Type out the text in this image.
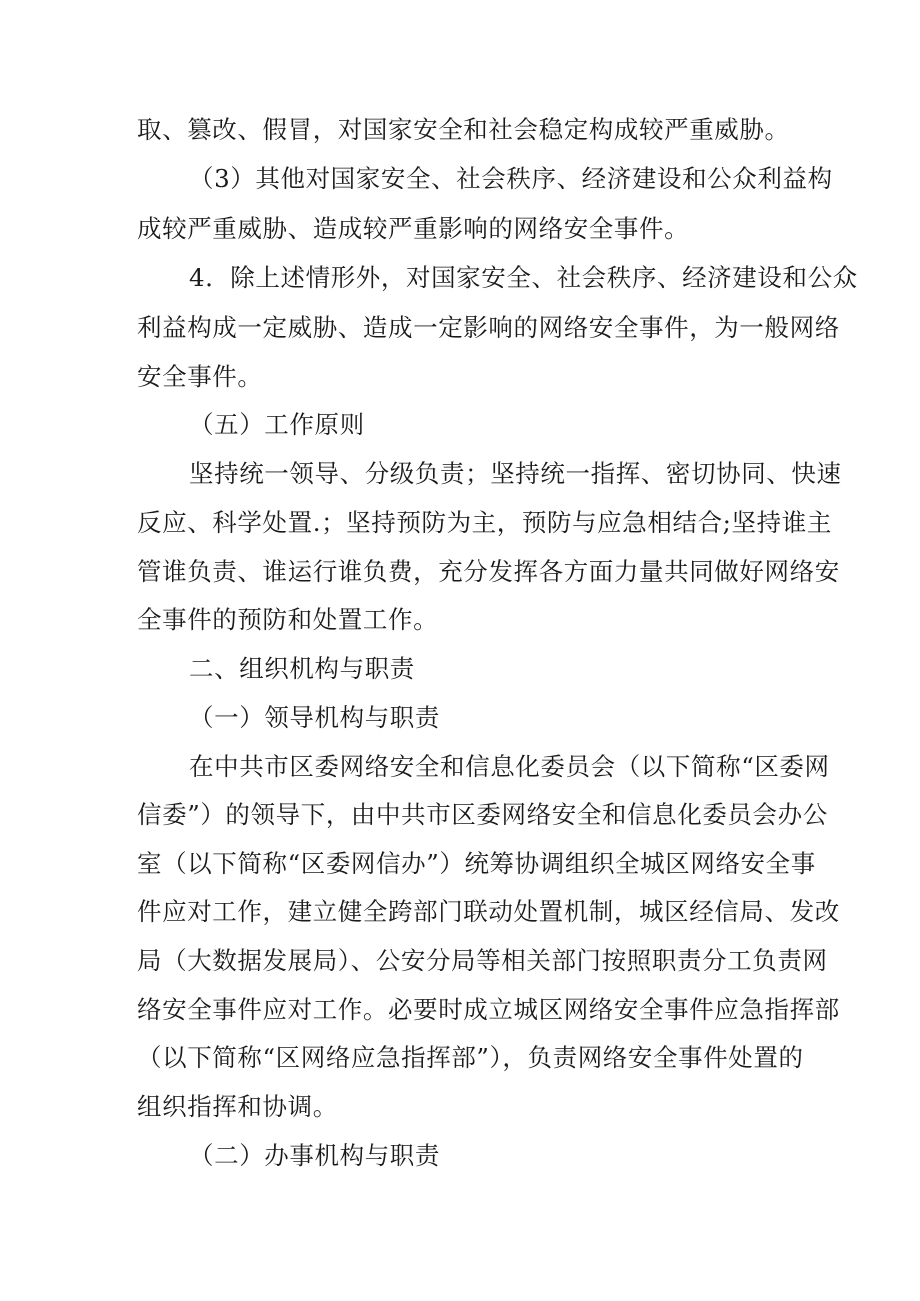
取、篡改、假冒，对国家安全和社会稳定构成较严重威胁。
（3）其他对国家安全、社会秩序、经济建设和公众利益构
成较严重威胁、造成较严重影响的网络安全事件。
4．除上述情形外，对国家安全、社会秩序、经济建设和公众
利益构成一定威胁、造成一定影响的网络安全事件，为一般网络
安全事件。
（五）工作原则
坚持统一领导、分级负责；坚持统一指挥、密切协同、快速
反应、科学处置.；坚持预防为主，预防与应急相结合;坚持谁主
管谁负责、谁运行谁负费，充分发挥各方面力量共同做好网络安
全事件的预防和处置工作。
二、组织机构与职责
（一）领导机构与职责
在中共市区委网络安全和信息化委员会（以下简称“区委网
信委”）的领导下，由中共市区委网络安全和信息化委员会办公
室（以下简称“区委网信办”）统筹协调组织全城区网络安全事
件应对工作，建立健全跨部门联动处置机制，城区经信局、发改
局（大数据发展局）、公安分局等相关部门按照职责分工负责网
络安全事件应对工作。必要时成立城区网络安全事件应急指挥部
（以下简称“区网络应急指挥部”），负责网络安全事件处置的
组织指挥和协调。
（二）办事机构与职责
